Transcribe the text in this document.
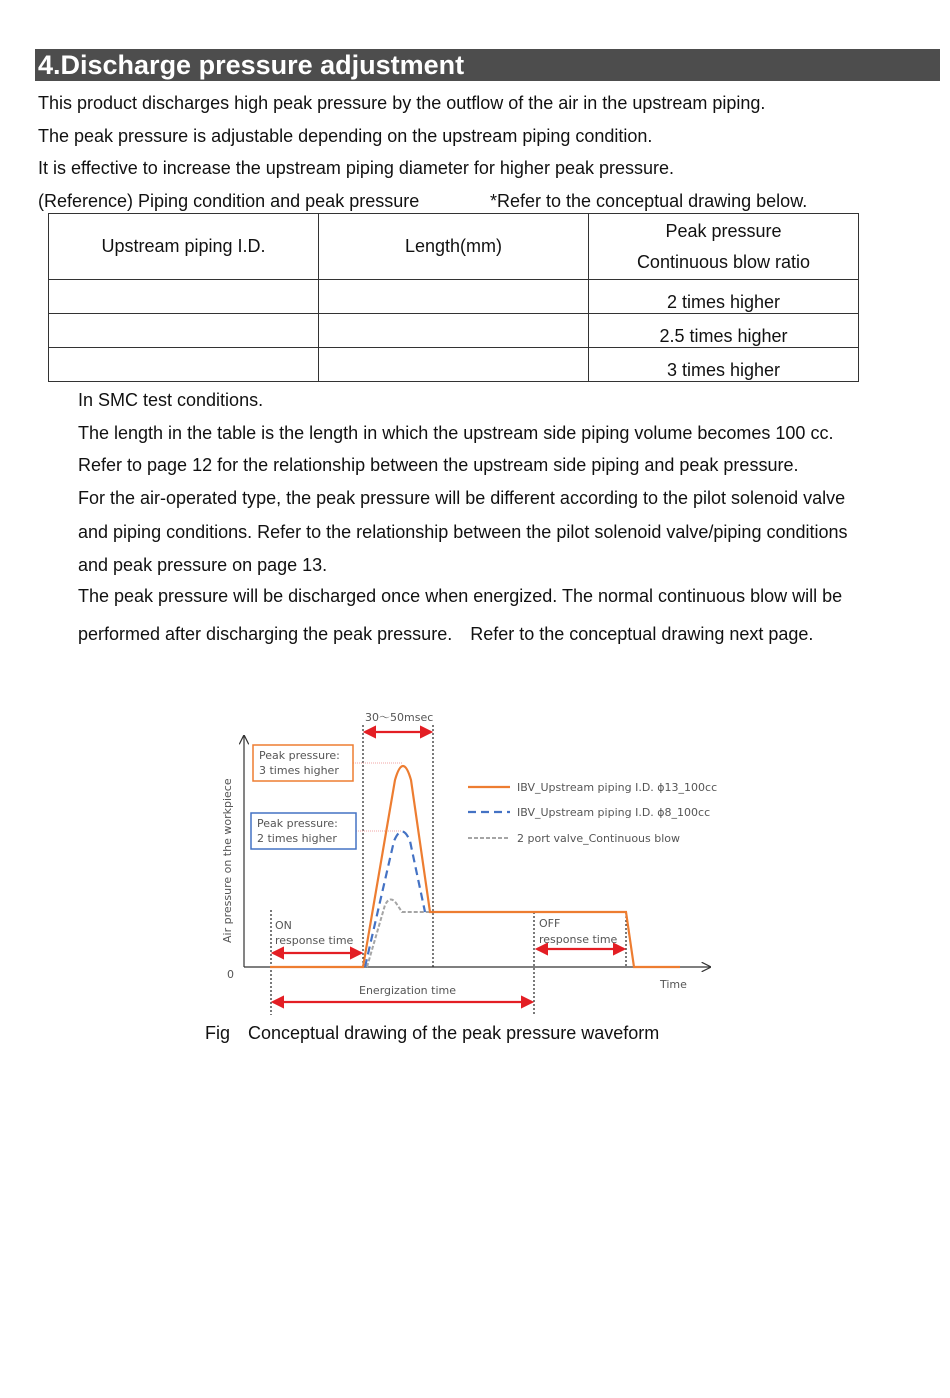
4.Discharge pressure adjustment
This product discharges high peak pressure by the outflow of the air in the upstream piping.
The peak pressure is adjustable depending on the upstream piping condition.
It is effective to increase the upstream piping diameter for higher peak pressure.
(Reference) Piping condition and peak pressure	*Refer to the conceptual drawing below.
Upstream piping I.D.	Length(mm)	Peak pressure
Continuous blow ratio
		2 times higher
		2.5 times higher
		3 times higher
In SMC test conditions.
The length in the table is the length in which the upstream side piping volume becomes 100 cc.
Refer to page 12 for the relationship between the upstream side piping and peak pressure.
For the air-operated type, the peak pressure will be different according to the pilot solenoid valve
and piping conditions. Refer to the relationship between the pilot solenoid valve/piping conditions
and peak pressure on page 13.
The peak pressure will be discharged once when energized. The normal continuous blow will be
performed after discharging the peak pressure.　Refer to the conceptual drawing next page.
Peak pressure:
3 times higher
Peak pressure:
2 times higher
30〜50msec
ON
response time
OFF
response time
Energization time
0
Time
Air pressure on the workpiece	IBV_Upstream piping I.D. ϕ13_100cc
IBV_Upstream piping I.D. ϕ8_100cc
2 port valve_Continuous blow
Fig　Conceptual drawing of the peak pressure waveform
